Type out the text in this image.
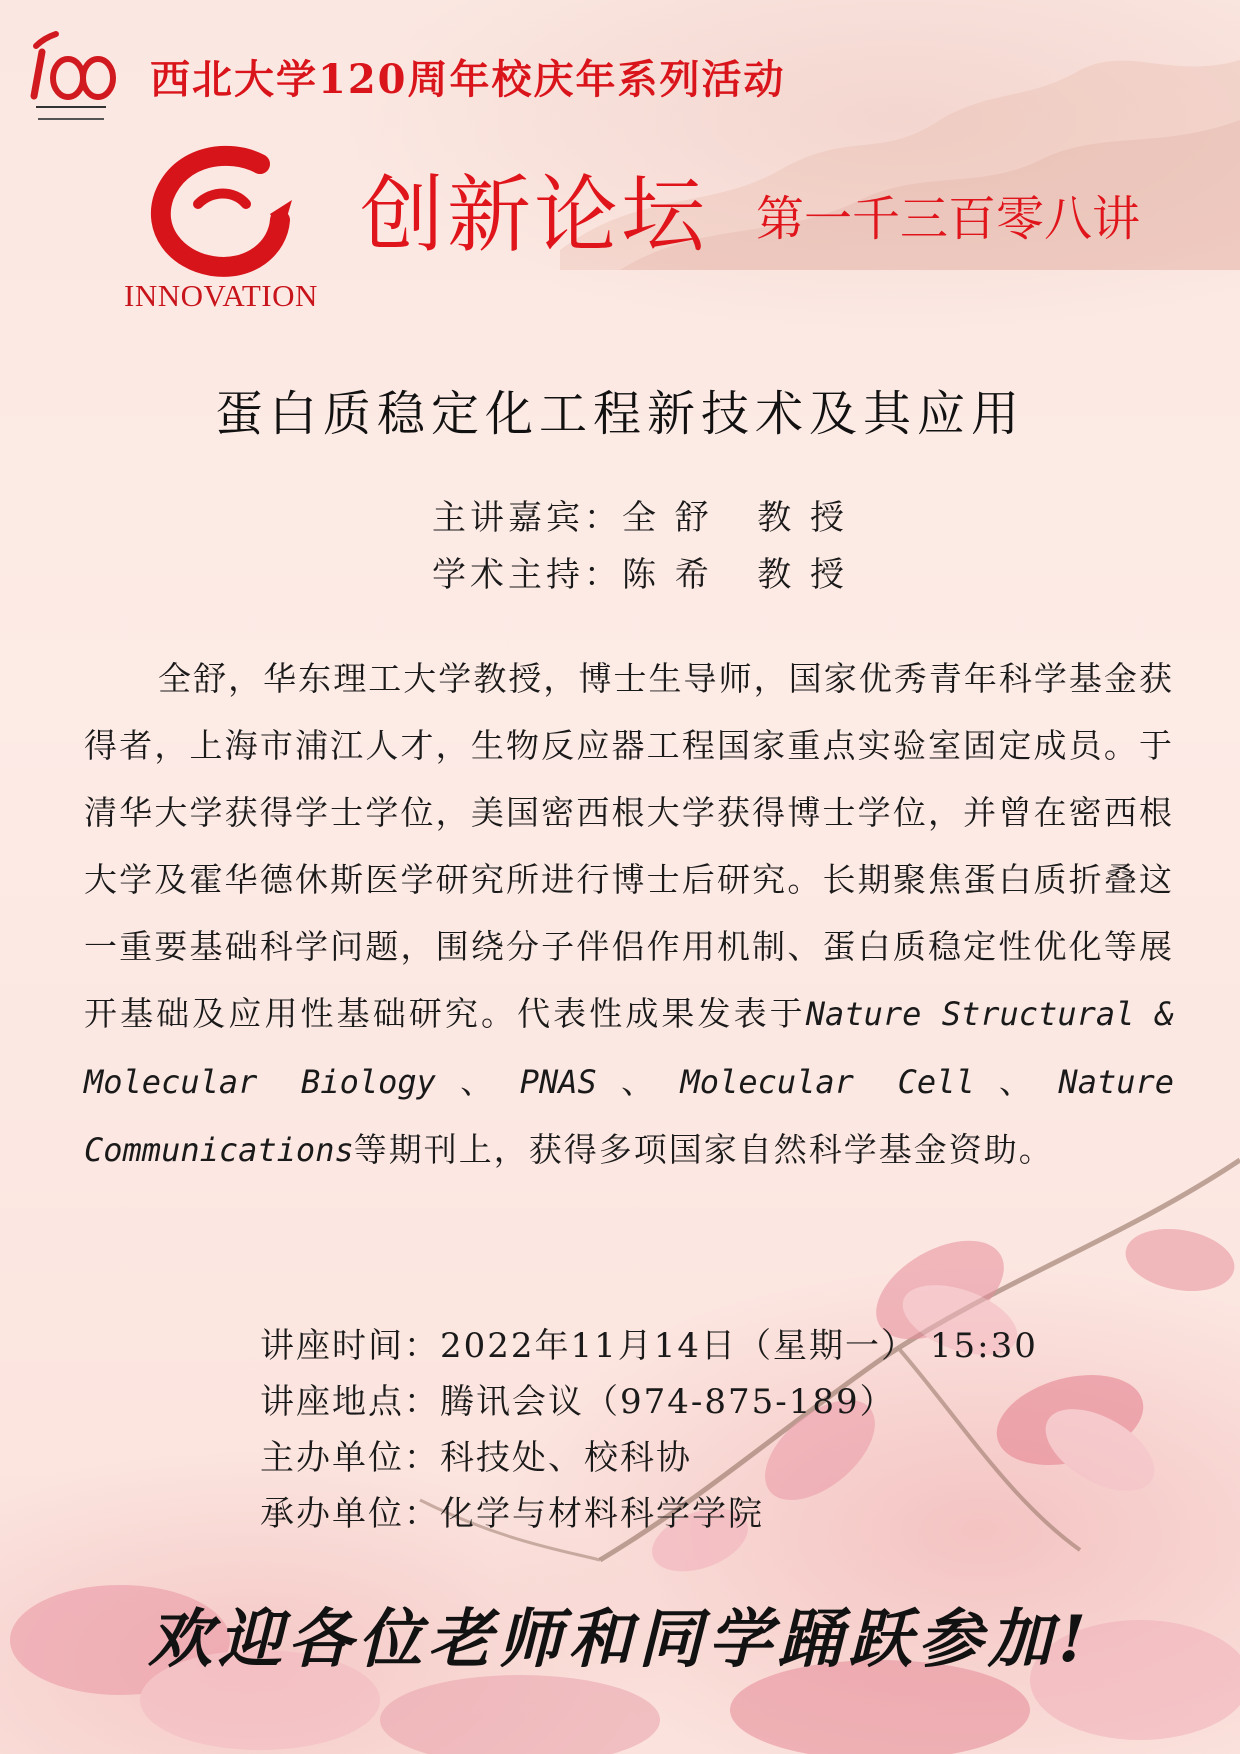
西北大学120周年校庆年系列活动
INNOVATION
创新论坛 第一千三百零八讲
蛋白质稳定化工程新技术及其应用
主讲嘉宾：全 舒 教 授
学术主持：陈 希 教 授
全舒，华东理工大学教授，博士生导师，国家优秀青年科学基金获得者，上海市浦江人才，生物反应器工程国家重点实验室固定成员。于清华大学获得学士学位，美国密西根大学获得博士学位，并曾在密西根大学及霍华德休斯医学研究所进行博士后研究。长期聚焦蛋白质折叠这一重要基础科学问题，围绕分子伴侣作用机制、蛋白质稳定性优化等展开基础及应用性基础研究。代表性成果发表于Nature Structural & Molecular Biology、PNAS、Molecular Cell、Nature Communications等期刊上，获得多项国家自然科学基金资助。
讲座时间：2022年11月14日（星期一） 15:30
讲座地点：腾讯会议（974-875-189）
主办单位：科技处、校科协
承办单位：化学与材料科学学院
欢迎各位老师和同学踊跃参加!
